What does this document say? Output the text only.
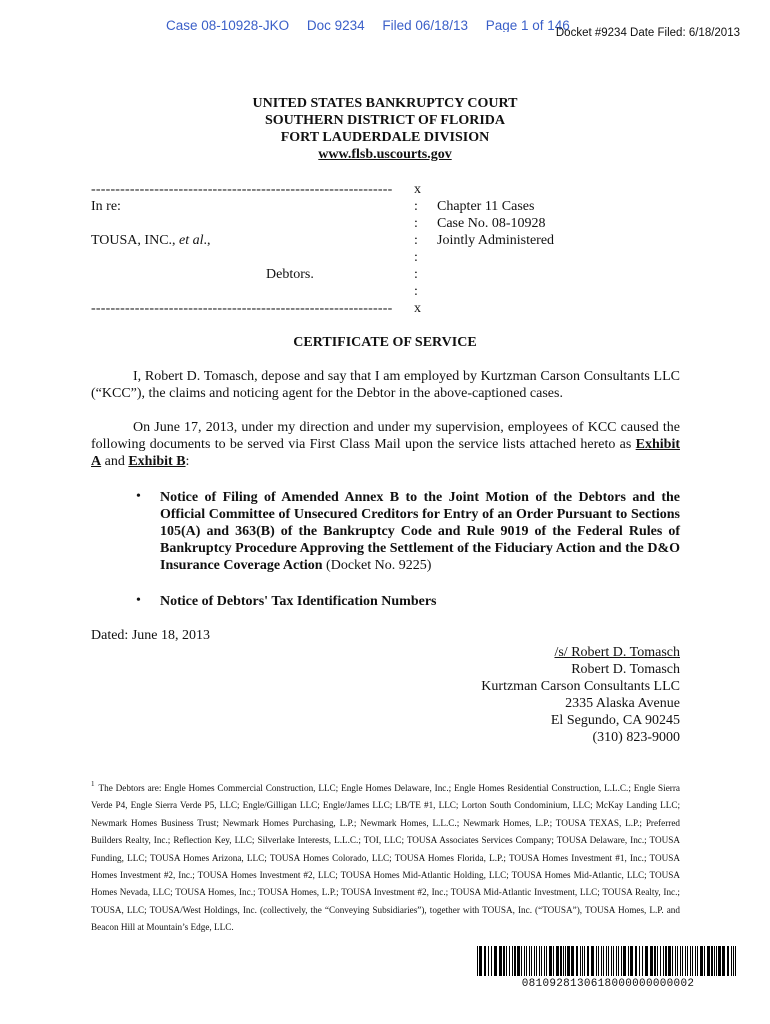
Case 08-10928-JKO Doc 9234 Filed 06/18/13 Page 1 of 146
Docket #9234 Date Filed: 6/18/2013
UNITED STATES BANKRUPTCY COURT
SOUTHERN DISTRICT OF FLORIDA
FORT LAUDERDALE DIVISION
www.flsb.uscourts.gov
-------------------------------------------------------------- x
In re:	: Chapter 11 Cases
: Case No. 08-10928
TOUSA, INC., et al.,	: Jointly Administered
:
Debtors.	:
:
-------------------------------------------------------------- x
CERTIFICATE OF SERVICE
I, Robert D. Tomasch, depose and say that I am employed by Kurtzman Carson Consultants LLC (“KCC”), the claims and noticing agent for the Debtor in the above-captioned cases.
On June 17, 2013, under my direction and under my supervision, employees of KCC caused the following documents to be served via First Class Mail upon the service lists attached hereto as Exhibit A and Exhibit B:
• Notice of Filing of Amended Annex B to the Joint Motion of the Debtors and the Official Committee of Unsecured Creditors for Entry of an Order Pursuant to Sections 105(A) and 363(B) of the Bankruptcy Code and Rule 9019 of the Federal Rules of Bankruptcy Procedure Approving the Settlement of the Fiduciary Action and the D&O Insurance Coverage Action (Docket No. 9225)
• Notice of Debtors' Tax Identification Numbers
Dated: June 18, 2013
/s/ Robert D. Tomasch
Robert D. Tomasch
Kurtzman Carson Consultants LLC
2335 Alaska Avenue
El Segundo, CA 90245
(310) 823-9000
$^1$ The Debtors are: Engle Homes Commercial Construction, LLC; Engle Homes Delaware, Inc.; Engle Homes Residential Construction, L.L.C.; Engle Sierra Verde P4, Engle Sierra Verde P5, LLC; Engle/Gilligan LLC; Engle/James LLC; LB/TE #1, LLC; Lorton South Condominium, LLC; McKay Landing LLC; Newmark Homes Business Trust; Newmark Homes Purchasing, L.P.; Newmark Homes, L.L.C.; Newmark Homes, L.P.; TOUSA TEXAS, L.P.; Preferred Builders Realty, Inc.; Reflection Key, LLC; Silverlake Interests, L.L.C.; TOI, LLC; TOUSA Associates Services Company; TOUSA Delaware, Inc.; TOUSA Funding, LLC; TOUSA Homes Arizona, LLC; TOUSA Homes Colorado, LLC; TOUSA Homes Florida, L.P.; TOUSA Homes Investment #1, Inc.; TOUSA Homes Investment #2, Inc.; TOUSA Homes Investment #2, LLC; TOUSA Homes Mid-Atlantic Holding, LLC; TOUSA Homes Mid-Atlantic, LLC; TOUSA Homes Nevada, LLC; TOUSA Homes, Inc.; TOUSA Homes, L.P.; TOUSA Investment #2, Inc.; TOUSA Mid-Atlantic Investment, LLC; TOUSA Realty, Inc.; TOUSA, LLC; TOUSA/West Holdings, Inc. (collectively, the “Conveying Subsidiaries”), together with TOUSA, Inc. (“TOUSA”), TOUSA Homes, L.P. and Beacon Hill at Mountain’s Edge, LLC.
0810928130618000000000002
